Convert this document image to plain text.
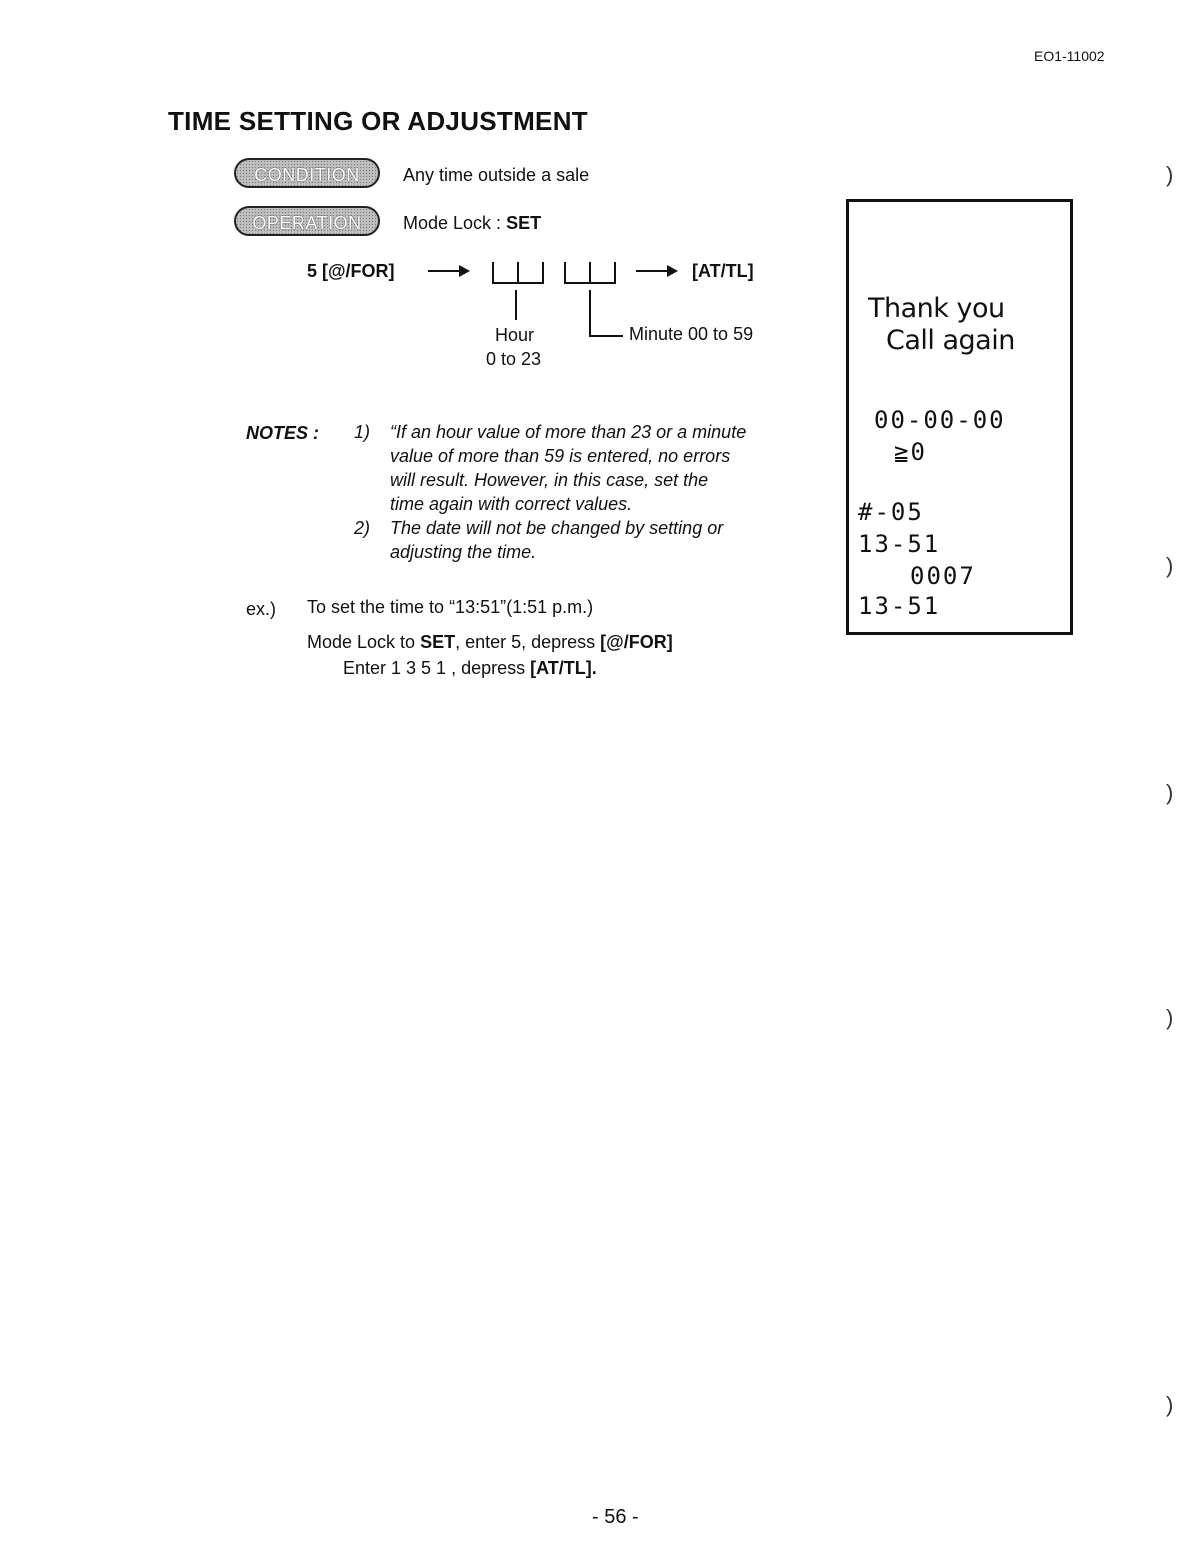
EO1-11002
TIME SETTING OR ADJUSTMENT
CONDITION	Any time outside a sale
OPERATION	Mode Lock : SET
5 [@/FOR]	[AT/TL]
Hour
0 to 23
Minute 00 to 59
NOTES : 1) “If an hour value of more than 23 or a minute
value of more than 59 is entered, no errors
will result. However, in this case, set the
time again with correct values.
2) The date will not be changed by setting or
adjusting the time.
ex.) To set the time to “13:51”(1:51 p.m.)
Mode Lock to SET, enter 5, depress [@/FOR]
Enter 1 3 5 1 , depress [AT/TL].
Thank you
Call again
00-00-00
≧0
#-05
13-51
0007
13-51
)
)
)
)
)
- 56 -
